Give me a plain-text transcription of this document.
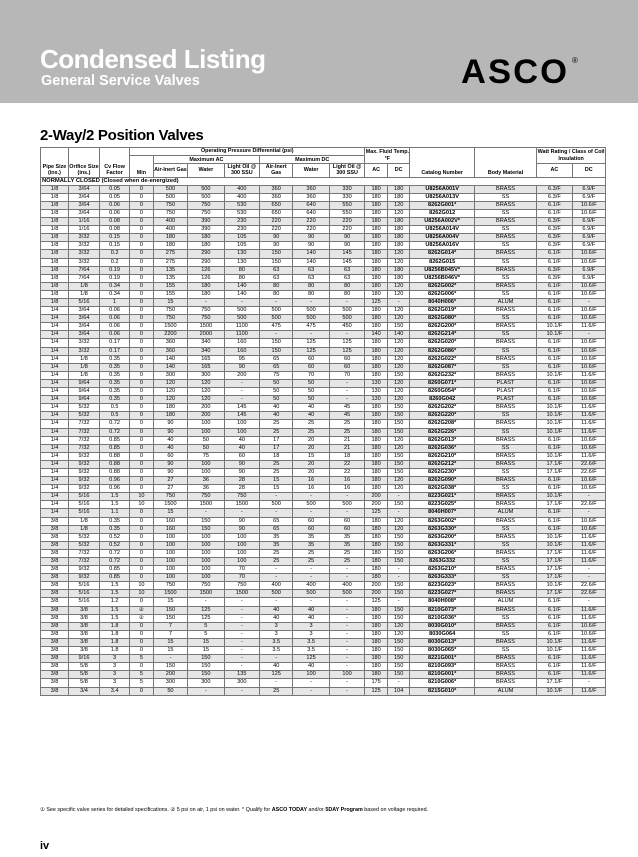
Condensed Listing
General Service Valves	ASCO ®
2-Way/2 Position Valves
Pipe Size (ins.)	Orifice Size (ins.)	Cv Flow Factor	Operating Pressure Differential (psi)							Max. Fluid Temp.°F		Catalog Number	Body Material	Watt Rating / Class of Coil Insulation	
			Min	Maximum AC			Maximum DC								
				Air-Inert Gas	Water	Light Oil @ 300 SSU	Air-Inert Gas	Water	Light Oil @ 300 SSU	AC	DC			AC	DC
NORMALLY CLOSED (Closed when de-energized)															
1/8	3/64	0.05	0	500	500	400	360	360	330	180	180	U8256A001V	BRASS	6.3/F	6.9/F
1/8	3/64	0.05	0	500	500	400	360	360	330	180	180	U8256A013V	SS	6.3/F	6.9/F
1/8	3/64	0.06	0	750	750	530	650	640	550	180	120	8262G001*	BRASS	6.1/F	10.6/F
1/8	3/64	0.06	0	750	750	530	650	640	550	180	120	8262G012	SS	6.1/F	10.6/F
1/8	1/16	0.08	0	400	390	230	220	220	220	180	180	U8256A002V*	BRASS	6.3/F	6.9/F
1/8	1/16	0.08	0	400	390	230	220	220	220	180	180	U8256A014V	SS	6.3/F	6.9/F
1/8	3/32	0.15	0	180	180	105	90	90	90	180	180	U8256A004V	BRASS	6.3/F	6.9/F
1/8	3/32	0.15	0	180	180	105	90	90	90	180	180	U8256A016V	SS	6.3/F	6.9/F
1/8	3/32	0.2	0	275	290	130	150	140	145	180	120	8262G014*	BRASS	6.1/F	10.6/F
1/8	3/32	0.2	0	275	290	130	150	140	145	180	120	8262G015	SS	6.1/F	10.6/F
1/8	7/64	0.19	0	135	126	80	63	63	63	180	180	U8256B045V*	BRASS	6.3/F	6.9/F
1/8	7/64	0.19	0	135	126	80	63	63	63	180	180	U8256B046V*	SS	6.3/F	6.9/F
1/8	1/8	0.34	0	155	180	140	80	80	80	180	120	8262G002*	BRASS	6.1/F	10.6/F
1/8	1/8	0.34	0	155	180	140	80	80	80	180	120	8262G006*	SS	6.1/F	10.6/F
1/8	5/16	1	0	15	-	-	-	-	-	125	-	8040H006*	ALUM	6.1/F	-
1/4	3/64	0.06	0	750	750	500	500	500	500	180	120	8262G019*	BRASS	6.1/F	10.6/F
1/4	3/64	0.06	0	750	750	500	500	500	500	180	120	8262G080*	SS	6.1/F	10.6/F
1/4	3/64	0.06	0	1500	1500	1100	475	475	450	180	150	8262G200*	BRASS	10.1/F	11.6/F
1/4	3/64	0.06	0	2200	2000	1100	-	-	-	140	140	8262G214*	SS	10.1/F	-
1/4	3/32	0.17	0	360	340	160	150	125	125	180	120	8262G020*	BRASS	6.1/F	10.6/F
1/4	3/32	0.17	0	360	340	160	150	125	125	180	120	8262G086*	SS	6.1/F	10.6/F
1/4	1/8	0.35	0	140	165	95	65	60	60	180	120	8262G022*	BRASS	6.1/F	10.6/F
1/4	1/8	0.35	0	140	165	90	65	60	60	180	120	8262G087*	SS	6.1/F	10.6/F
1/4	1/8	0.35	0	300	300	200	75	70	70	180	150	8262G232*	BRASS	10.1/F	11.6/F
1/4	9/64	0.35	0	120	120	-	50	50	-	130	120	8260G071*	PLAST	6.1/F	10.6/F
1/4	9/64	0.35	0	120	120	-	50	50	-	130	120	8260G054*	PLAST	6.1/F	10.6/F
1/4	9/64	0.35	0	120	120	-	50	50	-	130	120	8260G042	PLAST	6.1/F	10.6/F
1/4	5/32	0.5	0	180	200	145	40	40	45	180	150	8262G202*	BRASS	10.1/F	11.6/F
1/4	5/32	0.5	0	180	200	145	40	40	45	180	150	8262G220*	SS	10.1/F	11.6/F
1/4	7/32	0.72	0	90	100	100	25	25	25	180	150	8262G208*	BRASS	10.1/F	11.6/F
1/4	7/32	0.72	0	90	100	100	25	25	25	180	150	8262G226*	SS	10.1/F	11.6/F
1/4	7/32	0.85	0	40	50	40	17	20	21	180	120	8262G013*	BRASS	6.1/F	10.6/F
1/4	7/32	0.85	0	40	50	40	17	20	21	180	120	8262G036*	SS	6.1/F	10.6/F
1/4	9/32	0.88	0	60	75	60	18	15	18	180	150	8262G210*	BRASS	10.1/F	11.6/F
1/4	9/32	0.88	0	90	100	90	25	20	22	180	150	8262G212*	BRASS	17.1/F	22.6/F
1/4	9/32	0.88	0	90	100	90	25	20	22	180	150	8262G230*	SS	17.1/F	22.6/F
1/4	9/32	0.96	0	27	36	28	15	16	16	180	120	8262G090*	BRASS	6.1/F	10.6/F
1/4	9/32	0.96	0	27	36	28	15	16	16	180	120	8262G038*	SS	6.1/F	10.6/F
1/4	5/16	1.5	10	750	750	750	-	-	-	200	-	8223G021*	BRASS	10.1/F	-
1/4	5/16	1.5	10	1500	1500	1500	500	500	500	200	150	8223G025*	BRASS	17.1/F	22.6/F
1/4	5/16	1.1	0	15	-	-	-	-	-	125	-	8040H007*	ALUM	6.1/F	-
3/8	1/8	0.35	0	160	150	90	65	60	60	180	120	8263G002*	BRASS	6.1/F	10.6/F
3/8	1/8	0.35	0	160	150	90	65	60	60	180	120	8263G330*	SS	6.1/F	10.6/F
3/8	5/32	0.52	0	100	100	100	35	35	35	180	150	8263G200*	BRASS	10.1/F	11.6/F
3/8	5/32	0.52	0	100	100	100	35	35	35	180	150	8263G331*	SS	10.1/F	11.6/F
3/8	7/32	0.72	0	100	100	100	25	25	25	180	150	8263G206*	BRASS	17.1/F	11.6/F
3/8	7/32	0.72	0	100	100	100	25	25	25	180	150	8263G332	SS	17.1/F	11.6/F
3/8	9/32	0.85	0	100	100	70	-	-	-	180	-	8263G210*	BRASS	17.1/F	-
3/8	9/32	0.85	0	100	100	70	-	-	-	180	-	8263G333*	SS	17.1/F	-
3/8	5/16	1.5	10	750	750	750	400	400	400	200	150	8223G023*	BRASS	10.1/F	22.6/F
3/8	5/16	1.5	10	1500	1500	1500	500	500	500	200	150	8223G027*	BRASS	17.1/F	22.6/F
3/8	5/16	1.2	0	15	-	-	-	-	-	125	-	8040H008*	ALUM	6.1/F	-
3/8	3/8	1.5	②	150	125	-	40	40	-	180	150	8210G073*	BRASS	6.1/F	11.6/F
3/8	3/8	1.5	②	150	125	-	40	40	-	180	150	8210G036*	SS	6.1/F	11.6/F
3/8	3/8	1.8	0	7	5	-	3	3	-	180	120	8030G010*	BRASS	6.1/F	10.6/F
3/8	3/8	1.8	0	7	5	-	3	3	-	180	120	8030G064	SS	6.1/F	10.6/F
3/8	3/8	1.8	0	15	15	-	3.5	3.5	-	180	150	8030G013*	BRASS	10.1/F	11.6/F
3/8	3/8	1.8	0	15	15	-	3.5	3.5	-	180	150	8030G065*	SS	10.1/F	11.6/F
3/8	9/16	3	5	-	150	-	-	125	-	180	150	8221G001*	BRASS	6.1/F	11.6/F
3/8	5/8	3	0	150	150	-	40	40	-	180	150	8210G093*	BRASS	6.1/F	11.6/F
3/8	5/8	3	5	200	150	135	125	100	100	180	150	8210G001*	BRASS	6.1/F	11.6/F
3/8	5/8	3	5	300	300	300	-	-	-	175	-	8210G006*	BRASS	17.1/F	-
3/8	3/4	3.4	0	50	-	-	25	-	-	125	104	8215G010*	ALUM	10.1/F	11.6/F
① See specific valve series for detailed specifications. ② 5 psi on air, 1 psi on water. * Qualify for ASCO TODAY and/or 5DAY Program based on voltage required.
iv
